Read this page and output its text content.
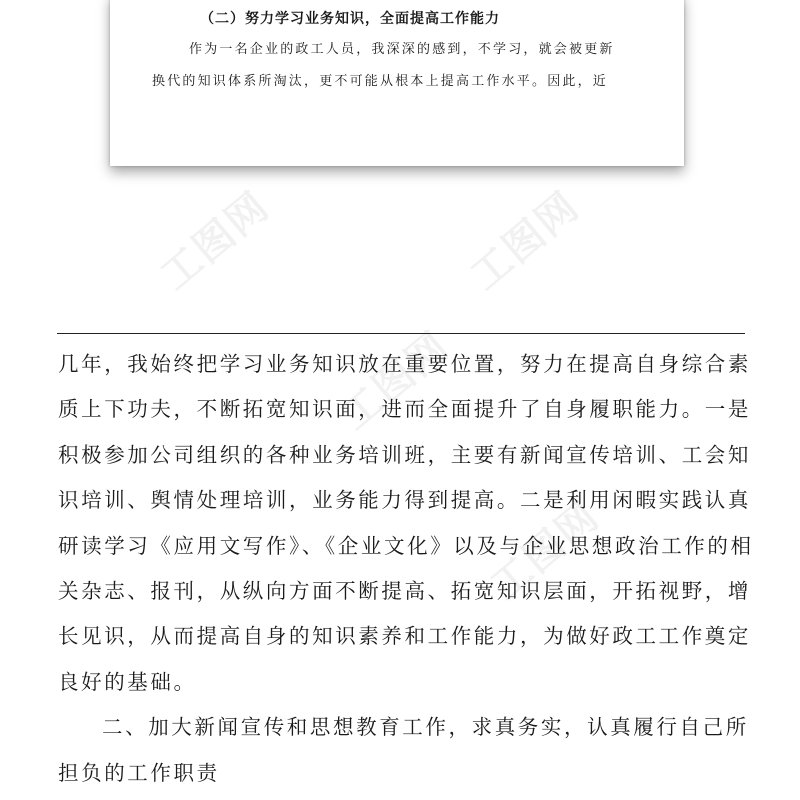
（二）努力学习业务知识，全面提高工作能力
作为一名企业的政工人员，我深深的感到，不学习，就会被更新
换代的知识体系所淘汰，更不可能从根本上提高工作水平。因此，近
工图网	工图网
工图网
工图网
几年，我始终把学习业务知识放在重要位置，努力在提高自身综合素
质上下功夫，不断拓宽知识面，进而全面提升了自身履职能力。一是
积极参加公司组织的各种业务培训班，主要有新闻宣传培训、工会知
识培训、舆情处理培训，业务能力得到提高。二是利用闲暇实践认真
研读学习《应用文写作》、《企业文化》以及与企业思想政治工作的相
关杂志、报刊，从纵向方面不断提高、拓宽知识层面，开拓视野，增
长见识，从而提高自身的知识素养和工作能力，为做好政工工作奠定
良好的基础。
二、加大新闻宣传和思想教育工作，求真务实，认真履行自己所
担负的工作职责
